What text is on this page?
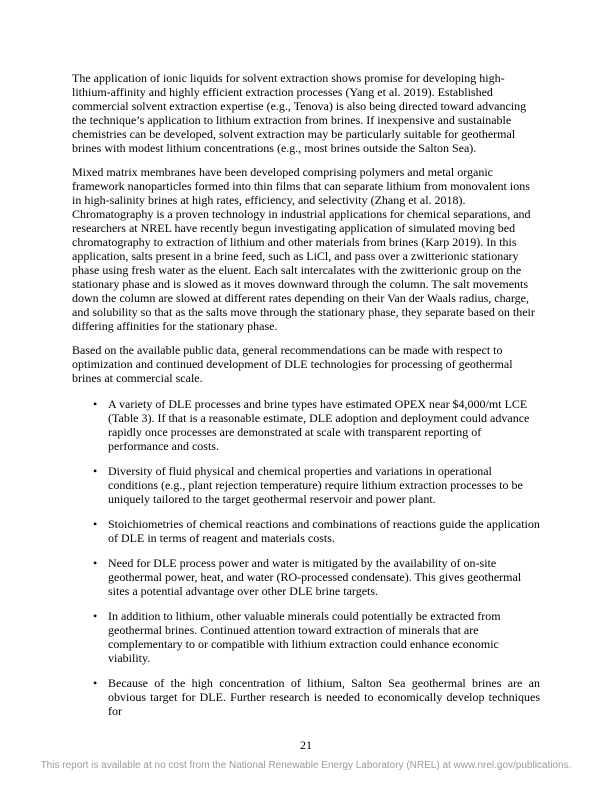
The application of ionic liquids for solvent extraction shows promise for developing high-lithium-affinity and highly efficient extraction processes (Yang et al. 2019). Established commercial solvent extraction expertise (e.g., Tenova) is also being directed toward advancing the technique’s application to lithium extraction from brines. If inexpensive and sustainable chemistries can be developed, solvent extraction may be particularly suitable for geothermal brines with modest lithium concentrations (e.g., most brines outside the Salton Sea).

Mixed matrix membranes have been developed comprising polymers and metal organic framework nanoparticles formed into thin films that can separate lithium from monovalent ions in high-salinity brines at high rates, efficiency, and selectivity (Zhang et al. 2018). Chromatography is a proven technology in industrial applications for chemical separations, and researchers at NREL have recently begun investigating application of simulated moving bed chromatography to extraction of lithium and other materials from brines (Karp 2019). In this application, salts present in a brine feed, such as LiCl, and pass over a zwitterionic stationary phase using fresh water as the eluent. Each salt intercalates with the zwitterionic group on the stationary phase and is slowed as it moves downward through the column. The salt movements down the column are slowed at different rates depending on their Van der Waals radius, charge, and solubility so that as the salts move through the stationary phase, they separate based on their differing affinities for the stationary phase.

Based on the available public data, general recommendations can be made with respect to optimization and continued development of DLE technologies for processing of geothermal brines at commercial scale.

• A variety of DLE processes and brine types have estimated OPEX near $4,000/mt LCE (Table 3). If that is a reasonable estimate, DLE adoption and deployment could advance rapidly once processes are demonstrated at scale with transparent reporting of performance and costs.
• Diversity of fluid physical and chemical properties and variations in operational conditions (e.g., plant rejection temperature) require lithium extraction processes to be uniquely tailored to the target geothermal reservoir and power plant.
• Stoichiometries of chemical reactions and combinations of reactions guide the application of DLE in terms of reagent and materials costs.
• Need for DLE process power and water is mitigated by the availability of on-site geothermal power, heat, and water (RO-processed condensate). This gives geothermal sites a potential advantage over other DLE brine targets.
• In addition to lithium, other valuable minerals could potentially be extracted from geothermal brines. Continued attention toward extraction of minerals that are complementary to or compatible with lithium extraction could enhance economic viability.
• Because of the high concentration of lithium, Salton Sea geothermal brines are an obvious target for DLE. Further research is needed to economically develop techniques for
21
This report is available at no cost from the National Renewable Energy Laboratory (NREL) at www.nrel.gov/publications.
